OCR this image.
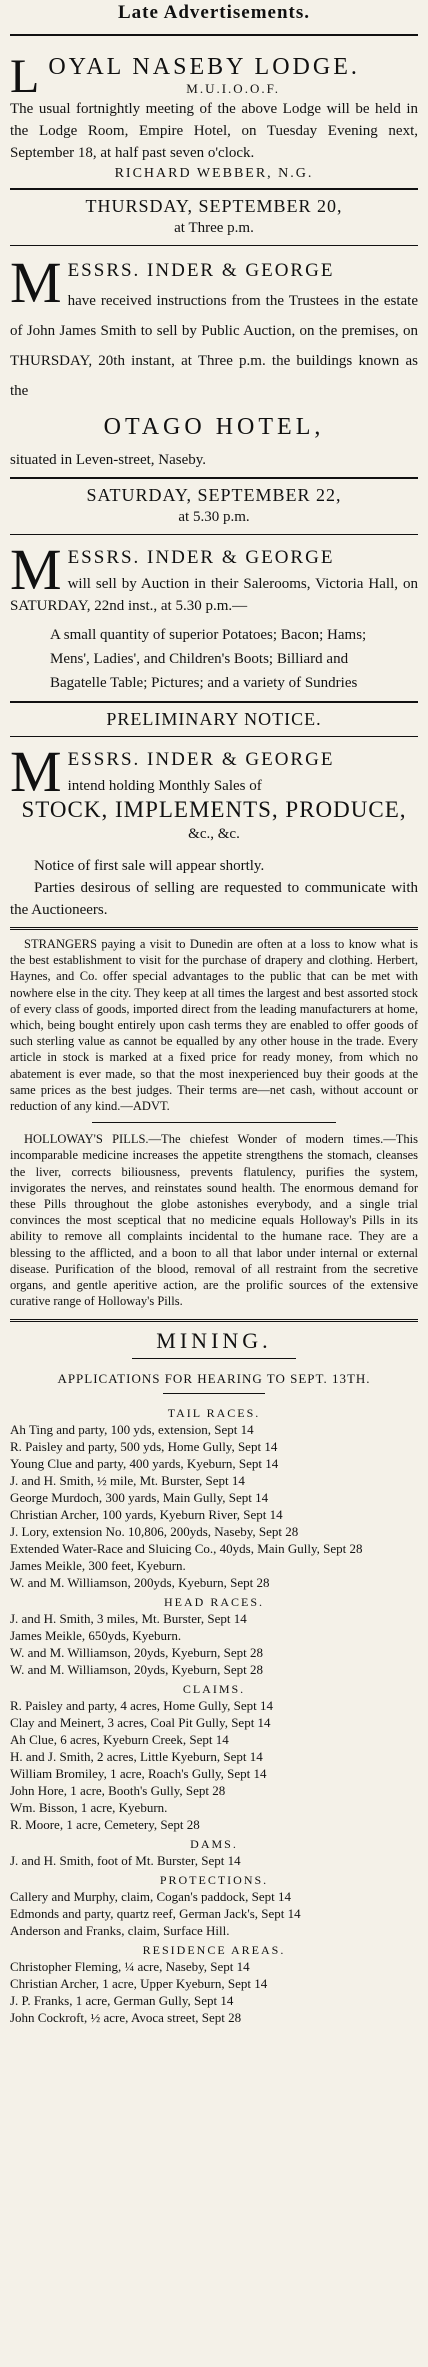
Late Advertisements.
L OYAL NASEBY LODGE.
M.U.I.O.O.F.

The usual fortnightly meeting of the above Lodge will be held in the Lodge Room, Empire Hotel, on Tuesday Evening next, September 18, at half past seven o'clock.

RICHARD WEBBER, N.G.
THURSDAY, SEPTEMBER 20,
at Three p.m.
M ESSRS. INDER & GEORGE

have received instructions from the Trustees in the estate of John James Smith to sell by Public Auction, on the premises, on THURSDAY, 20th instant, at Three p.m. the buildings known as the

OTAGO HOTEL,

situated in Leven-street, Naseby.

SATURDAY, SEPTEMBER 22,
at 5.30 p.m.
M ESSRS. INDER & GEORGE

will sell by Auction in their Salerooms, Victoria Hall, on SATURDAY, 22nd inst., at 5.30 p.m.—

A small quantity of superior Potatoes; Bacon; Hams; Mens', Ladies', and Children's Boots; Billiard and Bagatelle Table; Pictures; and a variety of Sundries

PRELIMINARY NOTICE.
M ESSRS. INDER & GEORGE

intend holding Monthly Sales of

STOCK, IMPLEMENTS, PRODUCE,
&c., &c.

Notice of first sale will appear shortly.

Parties desirous of selling are requested to communicate with the Auctioneers.

STRANGERS paying a visit to Dunedin are often at a loss to know what is the best establishment to visit for the purchase of drapery and clothing. Herbert, Haynes, and Co. offer special advantages to the public that can be met with nowhere else in the city. They keep at all times the largest and best assorted stock of every class of goods, imported direct from the leading manufacturers at home, which, being bought entirely upon cash terms they are enabled to offer goods of such sterling value as cannot be equalled by any other house in the trade. Every article in stock is marked at a fixed price for ready money, from which no abatement is ever made, so that the most inexperienced buy their goods at the same prices as the best judges. Their terms are—net cash, without account or reduction of any kind.—ADVT.

HOLLOWAY'S PILLS.—The chiefest Wonder of modern times.—This incomparable medicine increases the appetite strengthens the stomach, cleanses the liver, corrects biliousness, prevents flatulency, purifies the system, invigorates the nerves, and reinstates sound health. The enormous demand for these Pills throughout the globe astonishes everybody, and a single trial convinces the most sceptical that no medicine equals Holloway's Pills in its ability to remove all complaints incidental to the humane race. They are a blessing to the afflicted, and a boon to all that labor under internal or external disease. Purification of the blood, removal of all restraint from the secretive organs, and gentle aperitive action, are the prolific sources of the extensive curative range of Holloway's Pills.

MINING.
APPLICATIONS FOR HEARING TO SEPT. 13TH.
TAIL RACES.
Ah Ting and party, 100 yds, extension, Sept 14
R. Paisley and party, 500 yds, Home Gully, Sept 14
Young Clue and party, 400 yards, Kyeburn, Sept 14
J. and H. Smith, ½ mile, Mt. Burster, Sept 14
George Murdoch, 300 yards, Main Gully, Sept 14
Christian Archer, 100 yards, Kyeburn River, Sept 14
J. Lory, extension No. 10,806, 200yds, Naseby, Sept 28
Extended Water-Race and Sluicing Co., 40yds, Main Gully, Sept 28
James Meikle, 300 feet, Kyeburn.
W. and M. Williamson, 200yds, Kyeburn, Sept 28
HEAD RACES.
J. and H. Smith, 3 miles, Mt. Burster, Sept 14
James Meikle, 650yds, Kyeburn.
W. and M. Williamson, 20yds, Kyeburn, Sept 28
W. and M. Williamson, 20yds, Kyeburn, Sept 28
CLAIMS.
R. Paisley and party, 4 acres, Home Gully, Sept 14
Clay and Meinert, 3 acres, Coal Pit Gully, Sept 14
Ah Clue, 6 acres, Kyeburn Creek, Sept 14
H. and J. Smith, 2 acres, Little Kyeburn, Sept 14
William Bromiley, 1 acre, Roach's Gully, Sept 14
John Hore, 1 acre, Booth's Gully, Sept 28
Wm. Bisson, 1 acre, Kyeburn.
R. Moore, 1 acre, Cemetery, Sept 28
DAMS.
J. and H. Smith, foot of Mt. Burster, Sept 14
PROTECTIONS.
Callery and Murphy, claim, Cogan's paddock, Sept 14
Edmonds and party, quartz reef, German Jack's, Sept 14
Anderson and Franks, claim, Surface Hill.
RESIDENCE AREAS.
Christopher Fleming, ¼ acre, Naseby, Sept 14
Christian Archer, 1 acre, Upper Kyeburn, Sept 14
J. P. Franks, 1 acre, German Gully, Sept 14
John Cockroft, ½ acre, Avoca street, Sept 28
